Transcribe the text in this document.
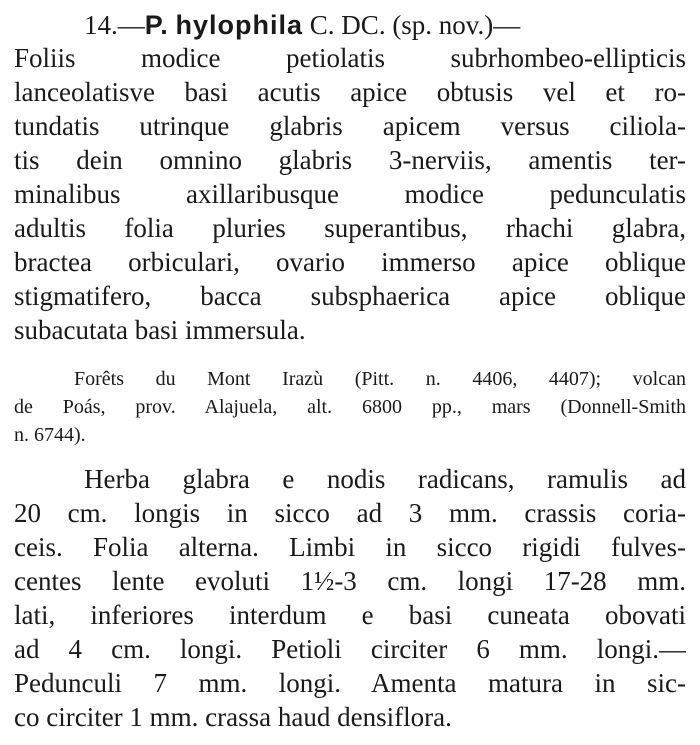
14.—P. hylophila C. DC. (sp. nov.)—
Foliis modice petiolatis subrhombeo-ellipticis
lanceolatisve basi acutis apice obtusis vel et ro-
tundatis utrinque glabris apicem versus ciliola-
tis dein omnino glabris 3-nerviis, amentis ter-
minalibus axillaribusque modice pedunculatis
adultis folia pluries superantibus, rhachi glabra,
bractea orbiculari, ovario immerso apice oblique
stigmatifero, bacca subsphaerica apice oblique
subacutata basi immersula.
Forêts du Mont Irazù (Pitt. n. 4406, 4407); volcan
de Poás, prov. Alajuela, alt. 6800 pp., mars (Donnell-Smith
n. 6744).
Herba glabra e nodis radicans, ramulis ad
20 cm. longis in sicco ad 3 mm. crassis coria-
ceis. Folia alterna. Limbi in sicco rigidi fulves-
centes lente evoluti 1½-3 cm. longi 17-28 mm.
lati, inferiores interdum e basi cuneata obovati
ad 4 cm. longi. Petioli circiter 6 mm. longi.—
Pedunculi 7 mm. longi. Amenta matura in sic-
co circiter 1 mm. crassa haud densiflora.
